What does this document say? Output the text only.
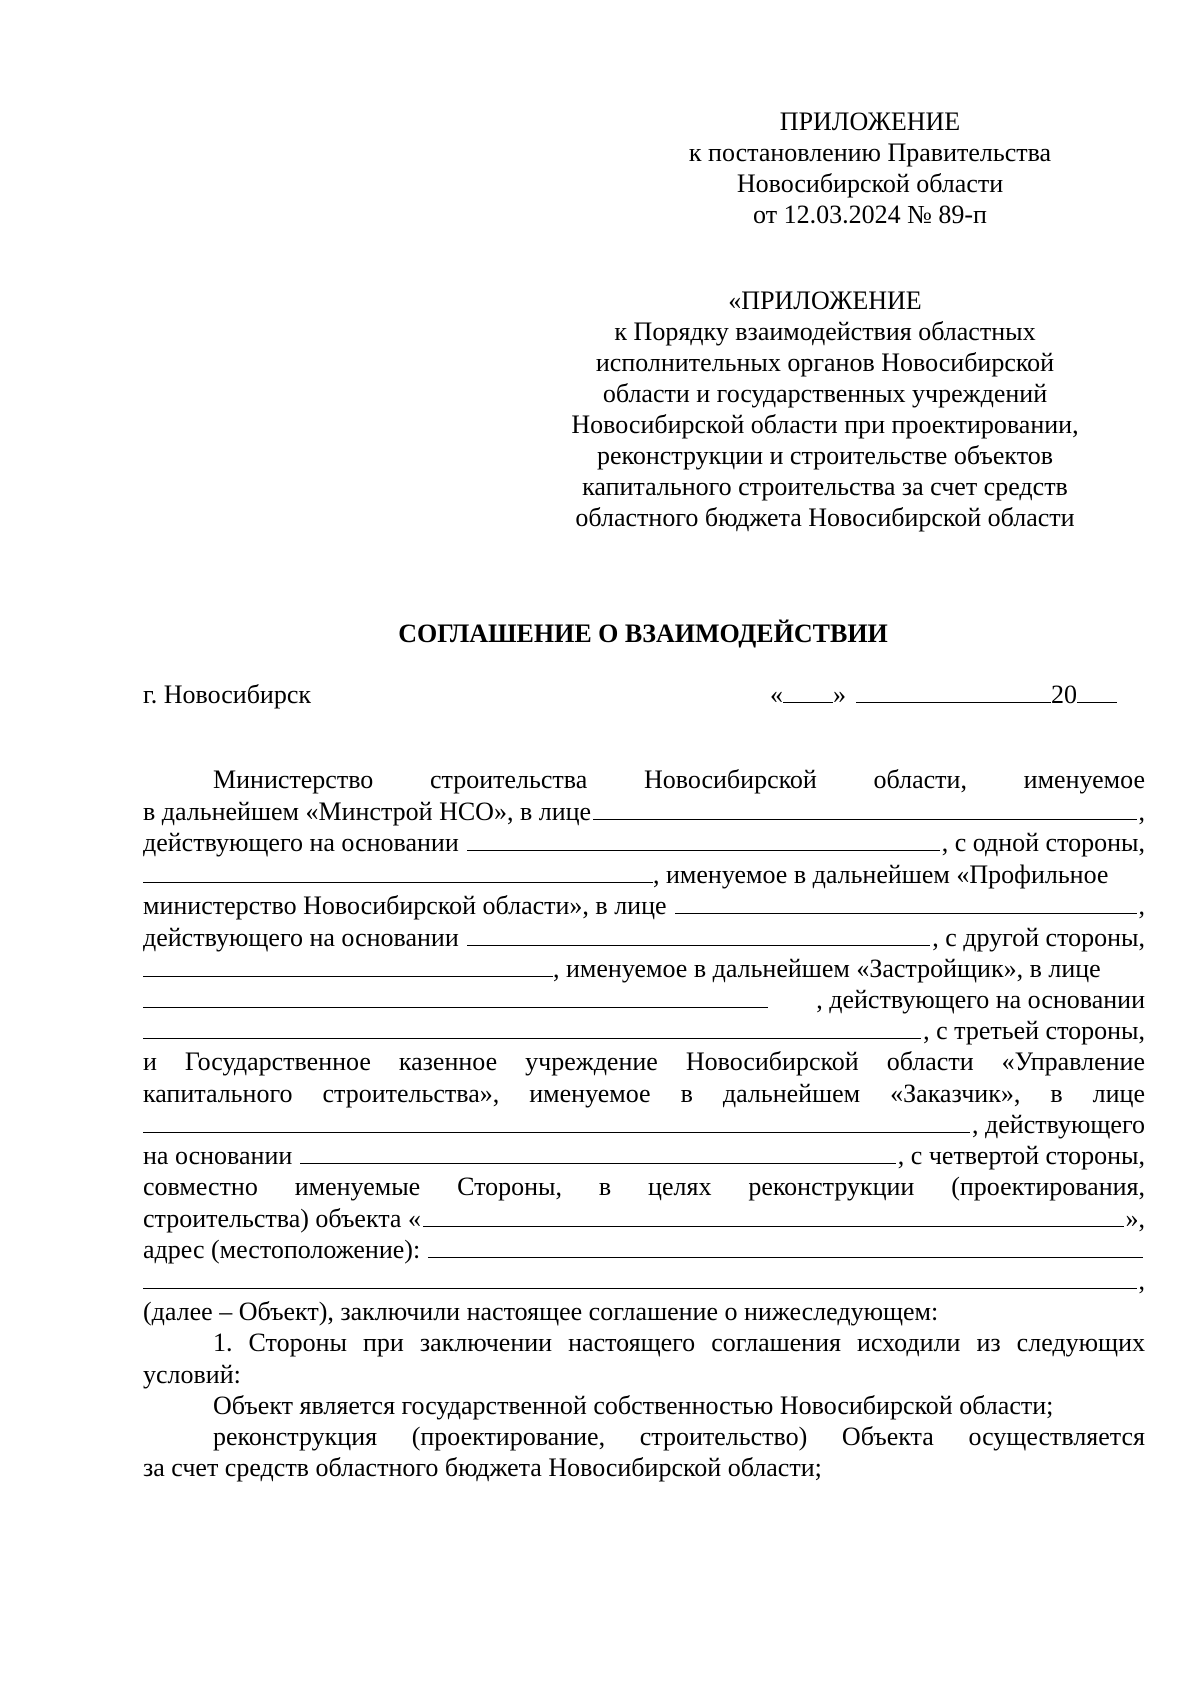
ПРИЛОЖЕНИЕ
к постановлению Правительства
Новосибирской области
от 12.03.2024 № 89-п
«ПРИЛОЖЕНИЕ
к Порядку взаимодействия областных
исполнительных органов Новосибирской
области и государственных учреждений
Новосибирской области при проектировании,
реконструкции и строительстве объектов
капитального строительства за счет средств
областного бюджета Новосибирской области
СОГЛАШЕНИЕ О ВЗАИМОДЕЙСТВИИ
г. Новосибирск	« »	20
Министерство строительства Новосибирской области, именуемое
в дальнейшем «Минстрой НСО», в лице	,
действующего на основании	, с одной стороны,
, именуемое в дальнейшем «Профильное
министерство Новосибирской области», в лице	,
действующего на основании	, с другой стороны,
, именуемое в дальнейшем «Застройщик», в лице
, действующего на основании
, с третьей стороны,
и Государственное казенное учреждение Новосибирской области «Управление
капитального строительства», именуемое в дальнейшем «Заказчик», в лице
, действующего
на основании	, с четвертой стороны,
совместно именуемые Стороны, в целях реконструкции (проектирования,
строительства) объекта «	»,
адрес (местоположение):
,
(далее – Объект), заключили настоящее соглашение о нижеследующем:
1. Стороны при заключении настоящего соглашения исходили из следующих
условий:
Объект является государственной собственностью Новосибирской области;
реконструкция (проектирование, строительство) Объекта осуществляется
за счет средств областного бюджета Новосибирской области;
